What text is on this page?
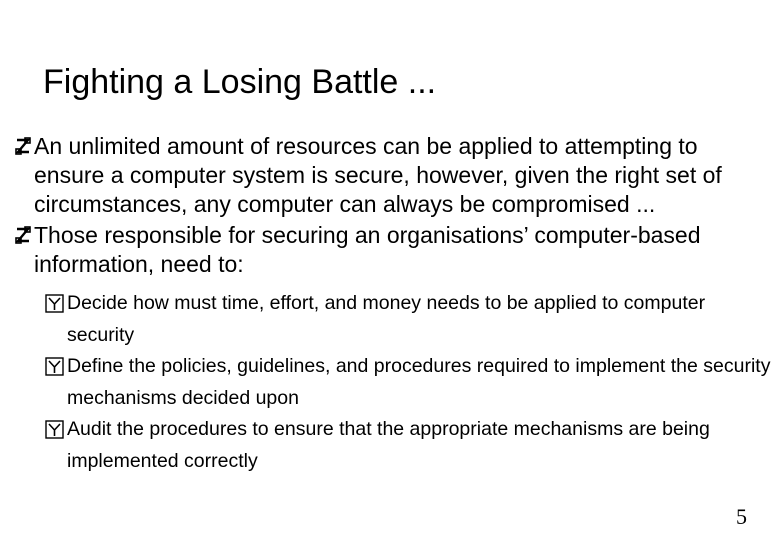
Fighting a Losing Battle ...
An unlimited amount of resources can be applied to attempting to ensure a computer system is secure, however, given the right set of circumstances, any computer can always be compromised ...
Those responsible for securing an organisations’ computer-based information, need to:
Decide how must time, effort, and money needs to be applied to computer security
Define the policies, guidelines, and procedures required to implement the security mechanisms decided upon
Audit the procedures to ensure that the appropriate mechanisms are being implemented correctly
5
